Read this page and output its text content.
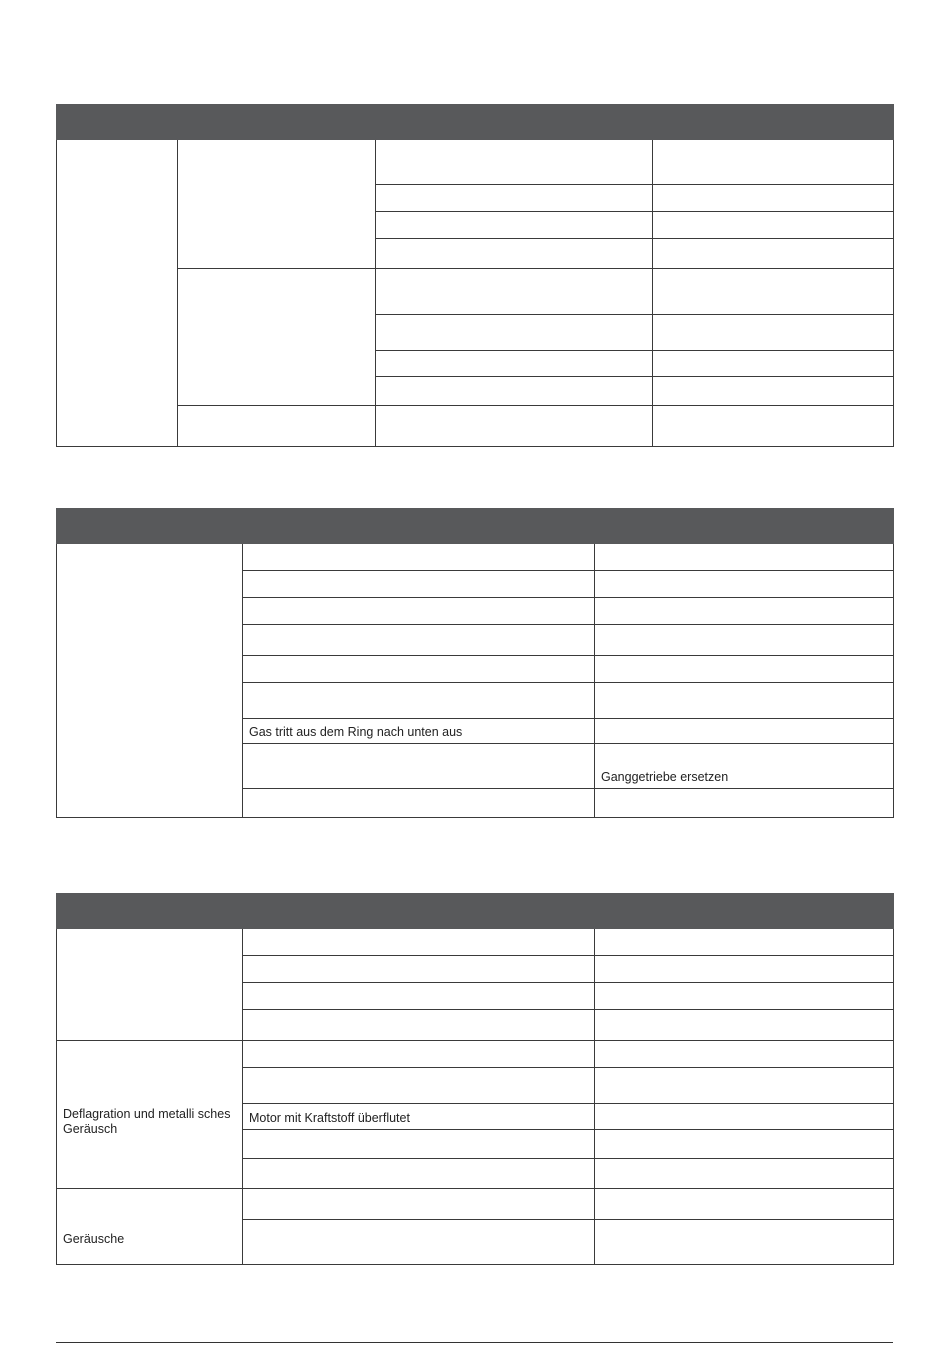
	Gas tritt aus dem Ring nach unten aus	
		Ganggetriebe ersetzen

Deflagration und metalli sches Geräusch		

	Motor mit Kraftstoff überflutet	

Geräusche		
